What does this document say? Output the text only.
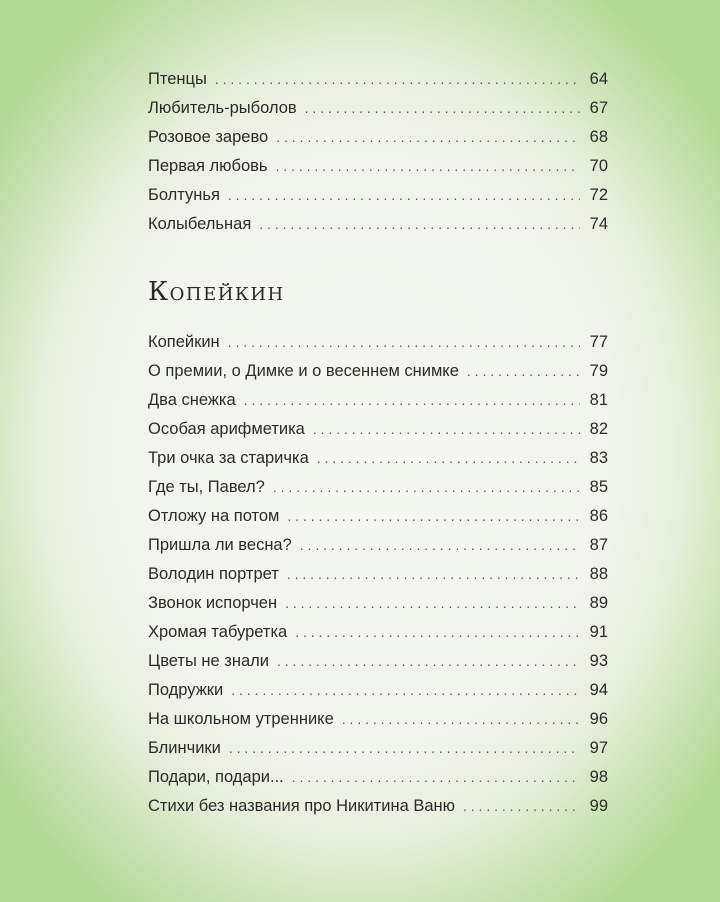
Птенцы . . .	64
Любитель-рыболов . . .	67
Розовое зарево . . .	68
Первая любовь . . .	70
Болтунья . . .	72
Колыбельная . . .	74
Копейкин
Копейкин . . .	77
О премии, о Димке и о весеннем снимке . . .	79
Два снежка . . .	81
Особая арифметика . . .	82
Три очка за старичка . . .	83
Где ты, Павел? . . .	85
Отложу на потом . . .	86
Пришла ли весна? . . .	87
Володин портрет . . .	88
Звонок испорчен . . .	89
Хромая табуретка . . .	91
Цветы не знали . . .	93
Подружки . . .	94
На школьном утреннике . . .	96
Блинчики . . .	97
Подари, подари... . . .	98
Стихи без названия про Никитина Ваню . . .	99
